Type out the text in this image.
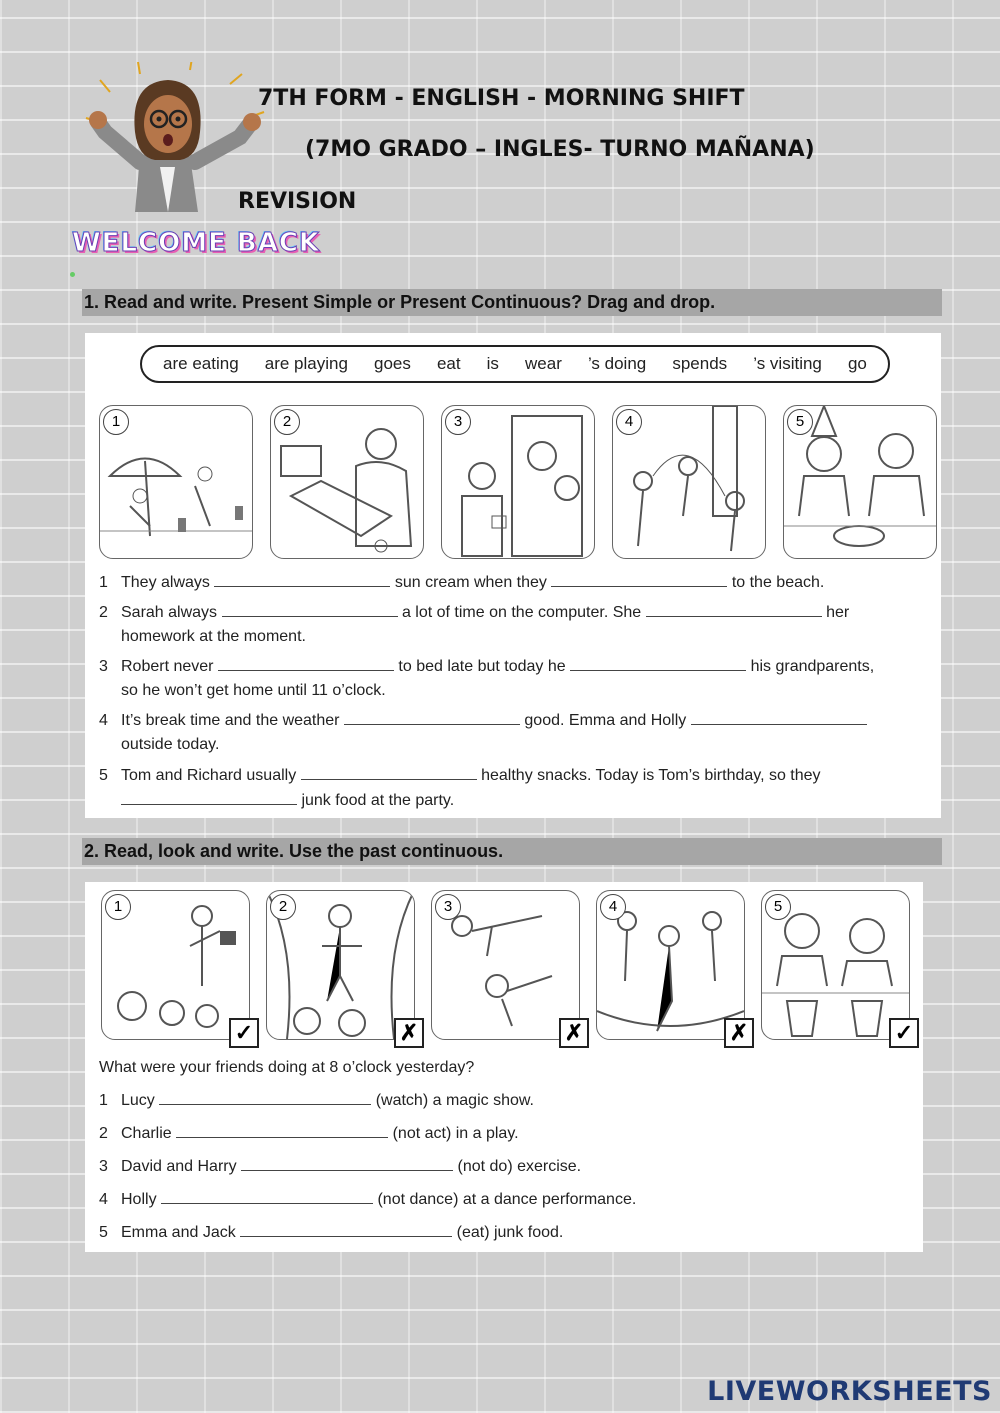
7TH FORM - ENGLISH - MORNING SHIFT
(7MO GRADO – INGLES- TURNO MAÑANA)
REVISION
WELCOME BACK
1. Read and write. Present Simple or Present Continuous? Drag and drop.
are eating are playing goes eat is wear ’s doing spends ’s visiting go
1	2	3	4	5
1 They always	sun cream when they	to the beach.
2 Sarah always	a lot of time on the computer. She	her
homework at the moment.
3 Robert never	to bed late but today he	his grandparents,
so he won’t get home until 11 o’clock.
4 It’s break time and the weather	good. Emma and Holly
outside today.
5 Tom and Richard usually	healthy snacks. Today is Tom’s birthday, so they
junk food at the party.
2. Read, look and write. Use the past continuous.
1
✓
2
✗
3
✗
4
✗
5
✓
What were your friends doing at 8 o’clock yesterday?
1 Lucy	(watch) a magic show.
2 Charlie	(not act) in a play.
3 David and Harry	(not do) exercise.
4 Holly	(not dance) at a dance performance.
5 Emma and Jack	(eat) junk food.
LIVEWORKSHEETS
